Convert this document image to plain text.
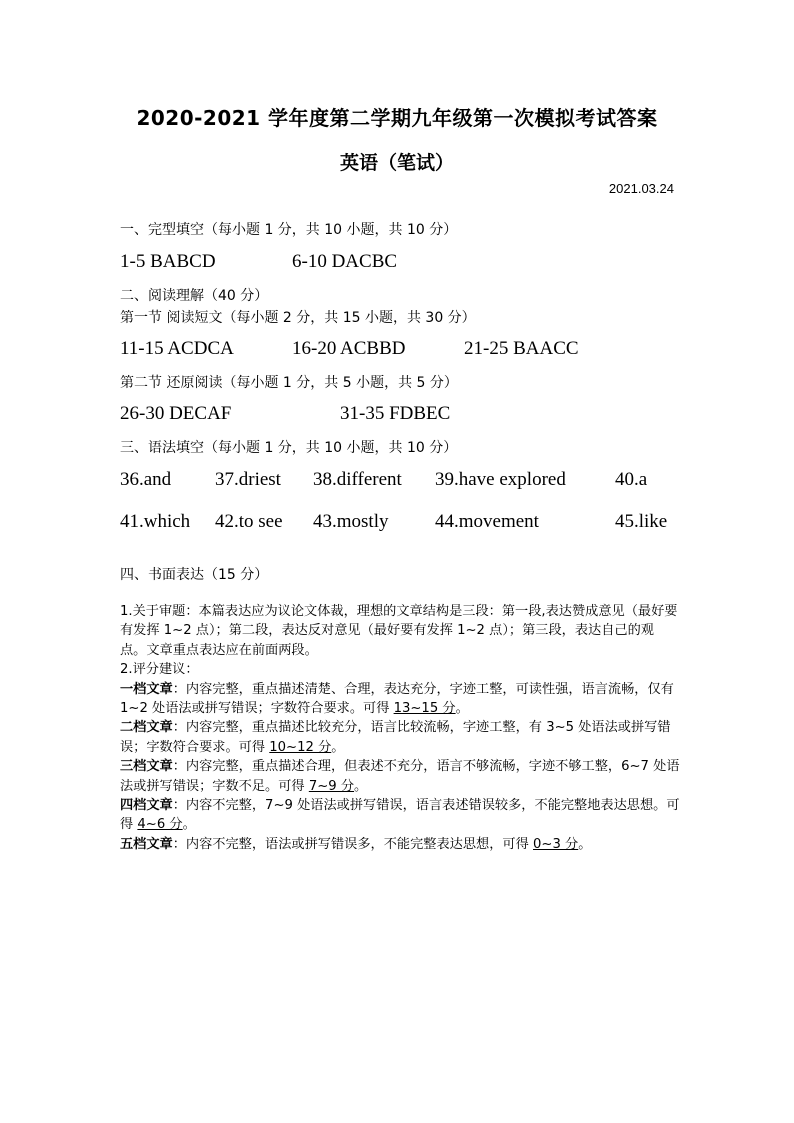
2020-2021 学年度第二学期九年级第一次模拟考试答案
英语（笔试）
2021.03.24
一、完型填空（每小题 1 分，共 10 小题，共 10 分）
1-5 BABCD	6-10 DACBC
二、阅读理解（40 分）
第一节 阅读短文（每小题 2 分，共 15 小题，共 30 分）
11-15 ACDCA	16-20 ACBBD	21-25 BAACC
第二节 还原阅读（每小题 1 分，共 5 小题，共 5 分）
26-30 DECAF	31-35 FDBEC
三、语法填空（每小题 1 分，共 10 小题，共 10 分）
36.and 37.driest 38.different 39.have explored	40.a
41.which 42.to see 43.mostly 44.movement	45.like
四、书面表达（15 分）

1.关于审题：本篇表达应为议论文体裁，理想的文章结构是三段：第一段,表达赞成意见（最好要有发挥 1~2 点）；第二段，表达反对意见（最好要有发挥 1~2 点）；第三段，表达自己的观点。文章重点表达应在前面两段。

2.评分建议：

一档文章：内容完整，重点描述清楚、合理，表达充分，字迹工整，可读性强，语言流畅，仅有 1~2 处语法或拼写错误；字数符合要求。可得 13~15 分。

二档文章：内容完整，重点描述比较充分，语言比较流畅，字迹工整，有 3~5 处语法或拼写错误；字数符合要求。可得 10~12 分。

三档文章：内容完整，重点描述合理，但表述不充分，语言不够流畅，字迹不够工整，6~7 处语法或拼写错误；字数不足。可得 7~9 分。

四档文章：内容不完整，7~9 处语法或拼写错误，语言表述错误较多，不能完整地表达思想。可得 4~6 分。

五档文章：内容不完整，语法或拼写错误多，不能完整表达思想，可得 0~3 分。
